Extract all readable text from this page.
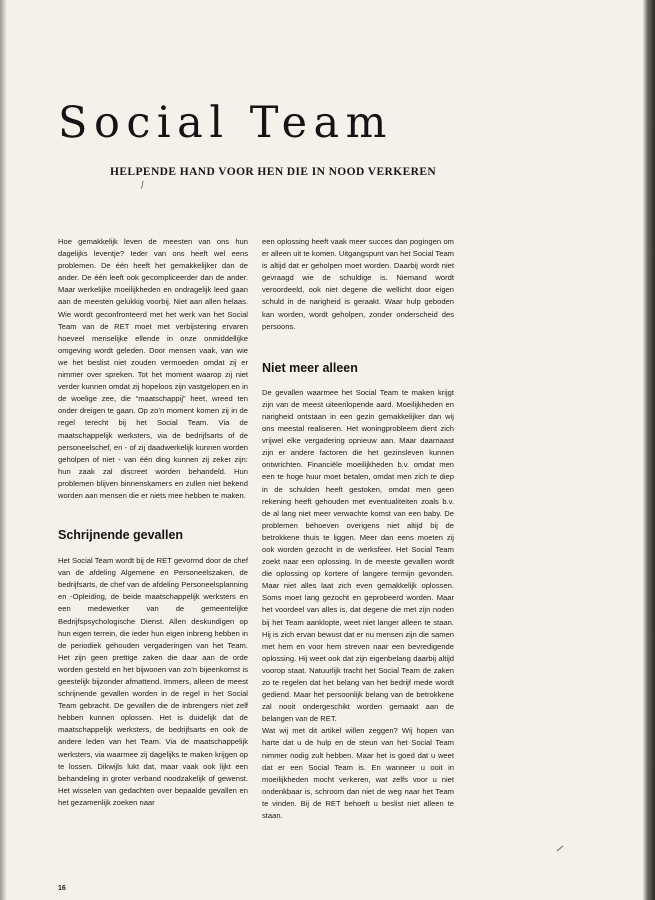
Social Team
HELPENDE HAND VOOR HEN DIE IN NOOD VERKEREN
⁄

Hoe gemakkelijk leven de meesten van ons hun dagelijks leventje? Ieder van ons heeft wel eens problemen. De één heeft het gemakkelijker dan de ander. De één leeft ook gecompliceerder dan de ander. Maar werkelijke moeilijkheden en ondragelijk leed gaan aan de meesten gelukkig voorbij. Niet aan allen helaas. Wie wordt geconfronteerd met het werk van het Social Team van de RET moet met verbijstering ervaren hoeveel menselijke ellende in onze onmiddellijke omgeving wordt geleden. Door mensen vaak, van wie we het beslist niet zouden vermoeden omdat zij er nimmer over spreken. Tot het moment waarop zij niet verder kunnen omdat zij hopeloos zijn vastgelopen en in de woelige zee, die “maatschappij” heet, wreed ten onder dreigen te gaan. Op zo’n moment komen zij in de regel terecht bij het Social Team. Via de maatschappelijk werksters, via de bedrijfsarts of de personeelschef, en - of zij daadwerkelijk kunnen worden geholpen of niet - van één ding kunnen zij zeker zijn: hun zaak zal discreet worden behandeld. Hun problemen blijven binnenskamers en zullen niet bekend worden aan mensen die er niets mee hebben te maken.

Schrijnende gevallen

Het Social Team wordt bij de RET gevormd door de chef van de afdeling Algemene en Personeelszaken, de bedrijfsarts, de chef van de afdeling Personeelsplanning en -Opleiding, de beide maatschappelijk werksters en een medewerker van de gemeentelijke Bedrijfspsychologische Dienst. Allen deskundigen op hun eigen terrein, die ieder hun eigen inbreng hebben in de periodiek gehouden vergaderingen van het Team. Het zijn geen prettige zaken die daar aan de orde worden gesteld en het bijwonen van zo’n bijeenkomst is geestelijk bijzonder afmattend. Immers, alleen de meest schrijnende gevallen worden in de regel in het Social Team gebracht. De gevallen die de inbrengers niet zelf hebben kunnen oplossen. Het is duidelijk dat de maatschappelijk werksters, de bedrijfsarts en ook de andere leden van het Team. Via de maatschappelijk werksters, via waarmee zij dagelijks te maken krijgen op te lossen. Dikwijls lukt dat, maar vaak ook lijkt een behandeling in groter verband noodzakelijk of gewenst. Het wisselen van gedachten over bepaalde gevallen en het gezamenlijk zoeken naar

een oplossing heeft vaak meer succes dan pogingen om er alleen uit te komen. Uitgangspunt van het Social Team is altijd dat er geholpen moet worden. Daarbij wordt niet gevraagd wie de schuldige is. Niemand wordt veroordeeld, ook niet degene die wellicht door eigen schuld in de narigheid is geraakt. Waar hulp geboden kan worden, wordt geholpen, zonder onderscheid des persoons.

Niet meer alleen

De gevallen waarmee het Social Team te maken krijgt zijn van de meest uiteenlopende aard. Moeilijkheden en narigheid ontstaan in een gezin gemakkelijker dan wij ons meestal realiseren. Het woningprobleem dient zich vrijwel elke vergadering opnieuw aan. Maar daarnaast zijn er andere factoren die het gezinsleven kunnen ontwrichten. Financiële moeilijkheden b.v. omdat men een te hoge huur moet betalen, omdat men zich te diep in de schulden heeft gestoken, omdat men geen rekening heeft gehouden met eventualiteiten zoals b.v. de al lang niet meer verwachte komst van een baby. De problemen behoeven overigens niet altijd bij de betrokkene thuis te liggen. Meer dan eens moeten zij ook worden gezocht in de werksfeer. Het Social Team zoekt naar een oplossing. In de meeste gevallen wordt die oplossing op kortere of langere termijn gevonden. Maar niet alles laat zich even gemakkelijk oplossen. Soms moet lang gezocht en geprobeerd worden. Maar het voordeel van alles is, dat degene die met zijn noden bij het Team aanklopte, weet niet langer alleen te staan. Hij is zich ervan bewust dat er nu mensen zijn die samen met hem en voor hem streven naar een bevredigende oplossing. Hij weet ook dat zijn eigenbelang daarbij altijd voorop staat. Natuurlijk tracht het Social Team de zaken zo te regelen dat het belang van het bedrijf mede wordt gediend. Maar het persoonlijk belang van de betrokkene zal nooit ondergeschikt worden gemaakt aan de belangen van de RET.

Wat wij met dit artikel willen zeggen? Wij hopen van harte dat u de hulp en de steun van het Social Team nimmer nodig zult hebben. Maar het is goed dat u weet dat er een Social Team is. En wanneer u ooit in moeilijkheden mocht verkeren, wat zelfs voor u niet ondenkbaar is, schroom dan niet de weg naar het Team te vinden. Bij de RET behoeft u beslist niet alleen te staan.

16
